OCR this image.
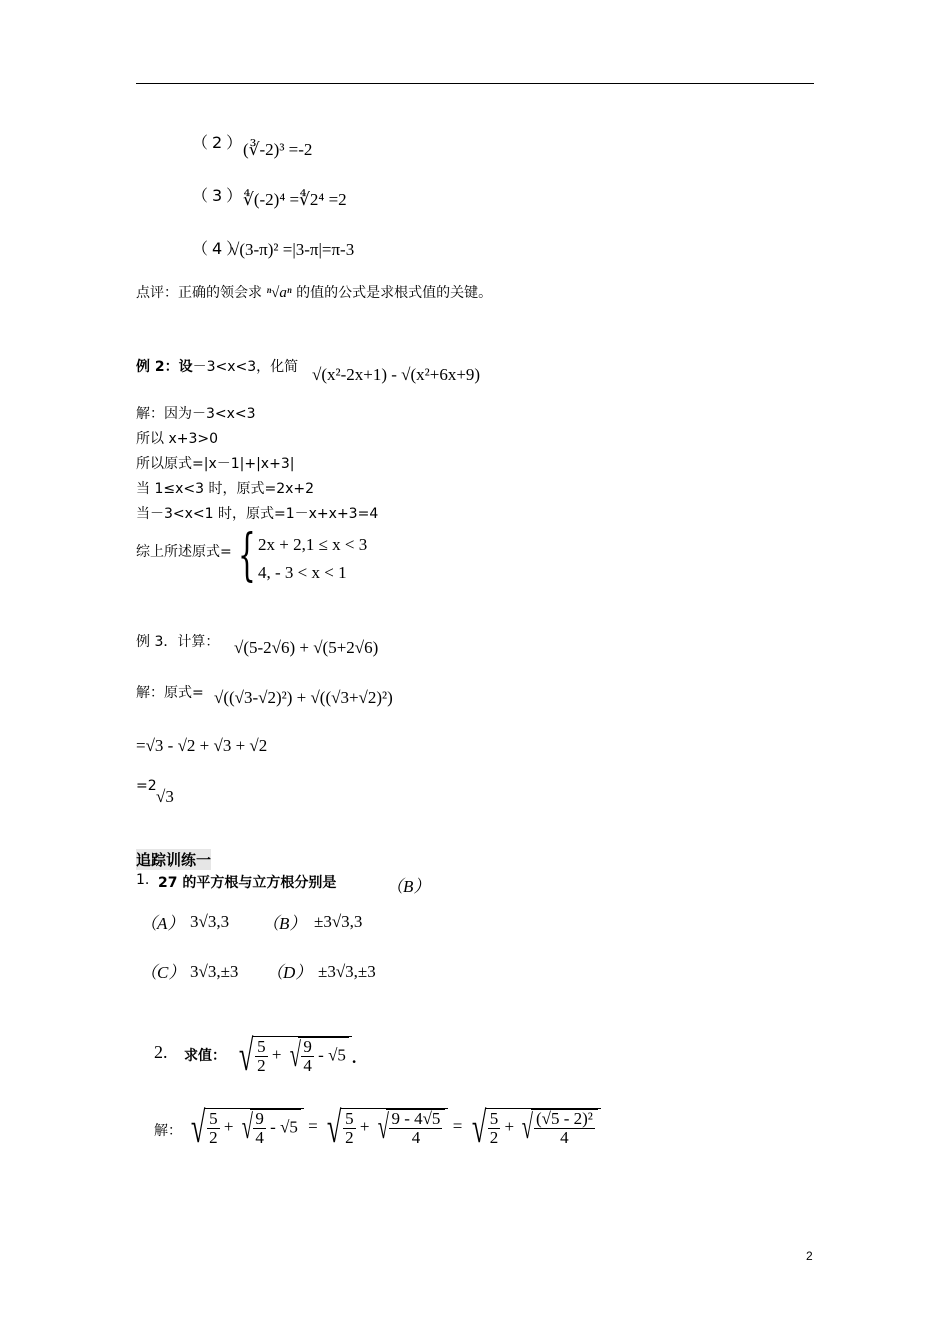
（2）
(∛-2)³ =-2
（3）
∜(-2)⁴ =∜2⁴ =2
（4）
√(3-π)² =|3-π|=π-3
点评：正确的领会求 ⁿ√aⁿ 的值的公式是求根式值的关键。
例 2：设－3<x<3，化简 √(x²-2x+1) - √(x²+6x+9)
解：因为－3<x<3
所以 x+3>0
所以原式=|x－1|+|x+3|
当 1≤x<3 时，原式=2x+2
当－3<x<1 时，原式=1－x+x+3=4
综上所述原式= { 2x + 2,1 ≤ x < 3
4, - 3 < x < 1
例 3．计算： √(5-2√6) + √(5+2√6)
解：原式= √((√3-√2)²) + √((√3+√2)²)
=√3 - √2 + √3 + √2
=2
√3
追踪训练一
1. 27 的平方根与立方根分别是	（B）
（A） 3√3,3 （B） ±3√3,3
（C） 3√3,±3 （D） ±3√3,±3
2. 求值： √ $\frac{5}{2}$ + √ $\frac{9}{4} - √5$ .
解： √ $\frac{5}{2}$ + √ $\frac{9}{4} - √5$ = √ $\frac{5}{2}$ + √ $\frac{9 - 4√5}{4}$ = √ $\frac{5}{2}$ + √ $\frac{\text{(√5 - 2)²}}{4}$
2
